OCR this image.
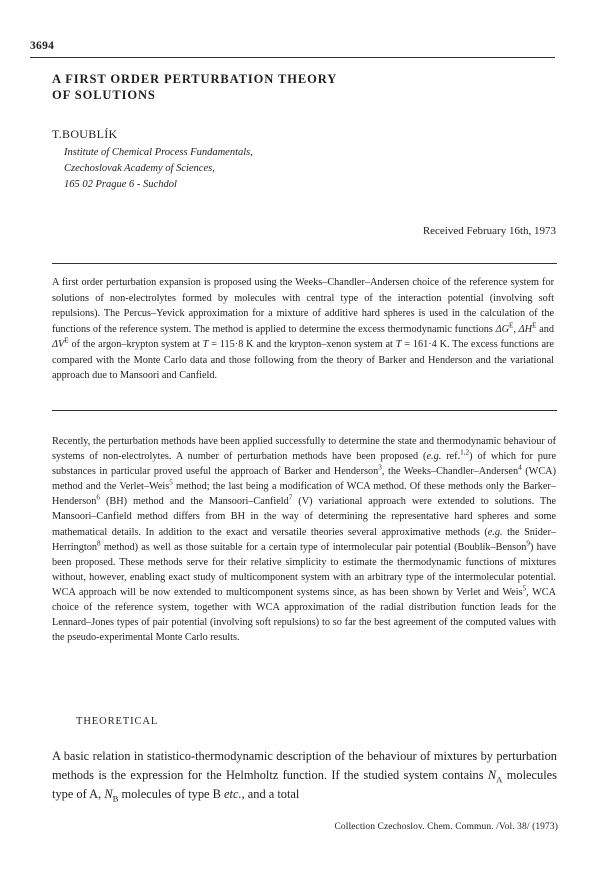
3694
A FIRST ORDER PERTURBATION THEORY
OF SOLUTIONS
T.BOUBLÍK
Institute of Chemical Process Fundamentals,
Czechoslovak Academy of Sciences,
165 02 Prague 6 - Suchdol
Received February 16th, 1973

A first order perturbation expansion is proposed using the Weeks–Chandler–Andersen choice of the reference system for solutions of non-electrolytes formed by molecules with central type of the interaction potential (involving soft repulsions). The Percus–Yevick approximation for a mixture of additive hard spheres is used in the calculation of the functions of the reference system. The method is applied to determine the excess thermodynamic functions $\Delta G^E$, $\Delta H^E$ and $\Delta V^E$ of the argon–krypton system at T = 115·8 K and the krypton–xenon system at T = 161·4 K. The excess functions are compared with the Monte Carlo data and those following from the theory of Barker and Henderson and the variational approach due to Mansoori and Canfield.

Recently, the perturbation methods have been applied successfully to determine the state and thermodynamic behaviour of systems of non-electrolytes. A number of perturbation methods have been proposed (e.g. ref.$^{1,2}$) of which for pure substances in particular proved useful the approach of Barker and Henderson$^3$, the Weeks–Chandler–Andersen$^4$ (WCA) method and the Verlet–Weis$^5$ method; the last being a modification of WCA method. Of these methods only the Barker–Henderson$^6$ (BH) method and the Mansoori–Canfield$^7$ (V) variational approach were extended to solutions. The Mansoori–Canfield method differs from BH in the way of determining the representative hard spheres and some mathematical details. In addition to the exact and versatile theories several approximative methods (e.g. the Snider–Herrington$^8$ method) as well as those suitable for a certain type of intermolecular pair potential (Boublík–Benson$^9$) have been proposed. These methods serve for their relative simplicity to estimate the thermodynamic functions of mixtures without, however, enabling exact study of multicomponent system with an arbitrary type of the intermolecular potential. WCA approach will be now extended to multicomponent systems since, as has been shown by Verlet and Weis$^5$, WCA choice of the reference system, together with WCA approximation of the radial distribution function leads for the Lennard–Jones types of pair potential (involving soft repulsions) to so far the best agreement of the computed values with the pseudo-experimental Monte Carlo results.

THEORETICAL

A basic relation in statistico-thermodynamic description of the behaviour of mixtures by perturbation methods is the expression for the Helmholtz function. If the studied system contains $N_A$ molecules type of A, $N_B$ molecules of type B etc., and a total

Collection Czechoslov. Chem. Commun. /Vol. 38/ (1973)
